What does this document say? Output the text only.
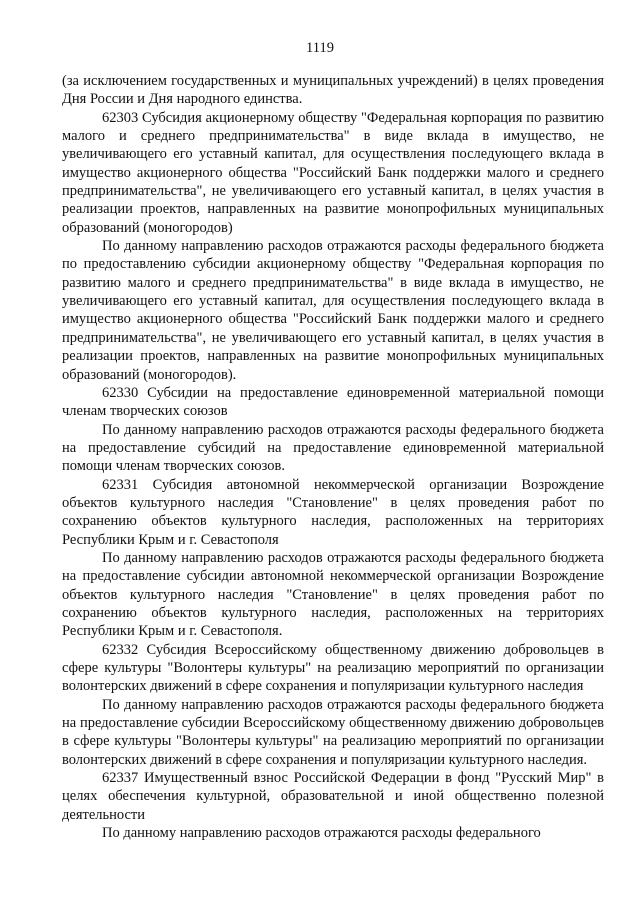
1119

(за исключением государственных и муниципальных учреждений) в целях проведения Дня России и Дня народного единства.

62303 Субсидия акционерному обществу "Федеральная корпорация по развитию малого и среднего предпринимательства" в виде вклада в имущество, не увеличивающего его уставный капитал, для осуществления последующего вклада в имущество акционерного общества "Российский Банк поддержки малого и среднего предпринимательства", не увеличивающего его уставный капитал, в целях участия в реализации проектов, направленных на развитие монопрофильных муниципальных образований (моногородов)

По данному направлению расходов отражаются расходы федерального бюджета по предоставлению субсидии акционерному обществу "Федеральная корпорация по развитию малого и среднего предпринимательства" в виде вклада в имущество, не увеличивающего его уставный капитал, для осуществления последующего вклада в имущество акционерного общества "Российский Банк поддержки малого и среднего предпринимательства", не увеличивающего его уставный капитал, в целях участия в реализации проектов, направленных на развитие монопрофильных муниципальных образований (моногородов).

62330 Субсидии на предоставление единовременной материальной помощи членам творческих союзов

По данному направлению расходов отражаются расходы федерального бюджета на предоставление субсидий на предоставление единовременной материальной помощи членам творческих союзов.

62331 Субсидия автономной некоммерческой организации Возрождение объектов культурного наследия "Становление" в целях проведения работ по сохранению объектов культурного наследия, расположенных на территориях Республики Крым и г. Севастополя

По данному направлению расходов отражаются расходы федерального бюджета на предоставление субсидии автономной некоммерческой организации Возрождение объектов культурного наследия "Становление" в целях проведения работ по сохранению объектов культурного наследия, расположенных на территориях Республики Крым и г. Севастополя.

62332 Субсидия Всероссийскому общественному движению добровольцев в сфере культуры "Волонтеры культуры" на реализацию мероприятий по организации волонтерских движений в сфере сохранения и популяризации культурного наследия

По данному направлению расходов отражаются расходы федерального бюджета на предоставление субсидии Всероссийскому общественному движению добровольцев в сфере культуры "Волонтеры культуры" на реализацию мероприятий по организации волонтерских движений в сфере сохранения и популяризации культурного наследия.

62337 Имущественный взнос Российской Федерации в фонд "Русский Мир" в целях обеспечения культурной, образовательной и иной общественно полезной деятельности

По данному направлению расходов отражаются расходы федерального
